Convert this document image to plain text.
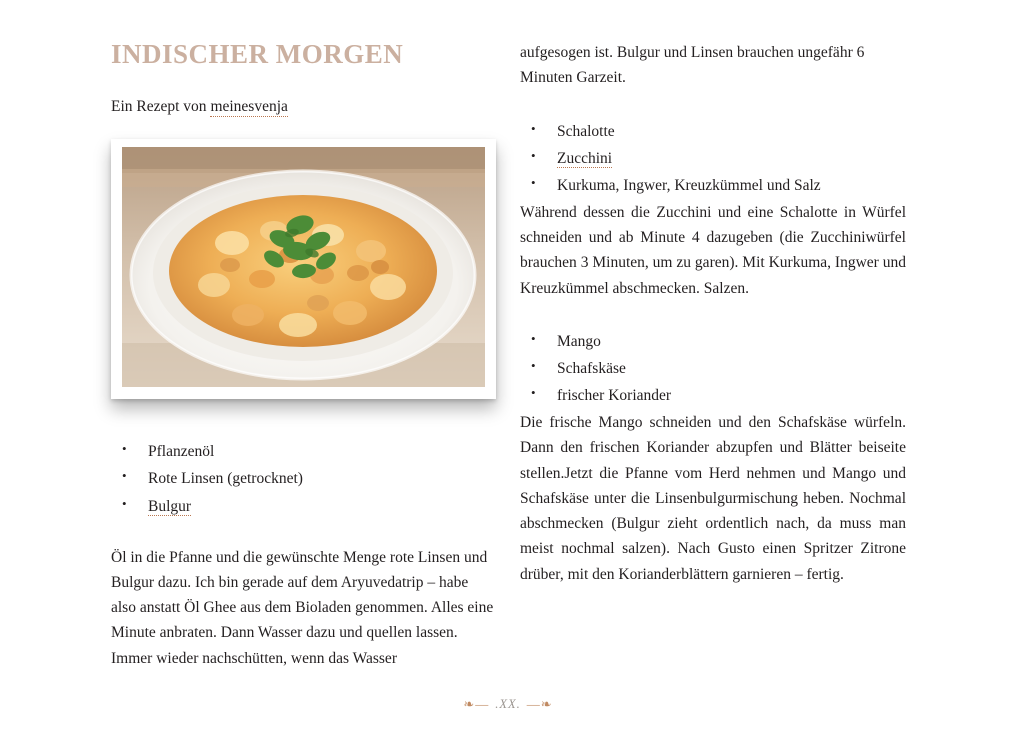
INDISCHER MORGEN
Ein Rezept von meinesvenja
• Pflanzenöl
• Rote Linsen (getrocknet)
• Bulgur

Öl in die Pfanne und die gewünschte Menge rote Linsen und Bulgur dazu. Ich bin gerade auf dem Aryuvedatrip – habe also anstatt Öl Ghee aus dem Bioladen genommen. Alles eine Minute anbraten. Dann Wasser dazu und quellen lassen. Immer wieder nachschütten, wenn das Wasser

aufgesogen ist. Bulgur und Linsen brauchen ungefähr 6 Minuten Garzeit.

• Schalotte
• Zucchini
• Kurkuma, Ingwer, Kreuzkümmel und Salz

Während dessen die Zucchini und eine Schalotte in Würfel schneiden und ab Minute 4 dazugeben (die Zucchiniwürfel brauchen 3 Minuten, um zu garen). Mit Kurkuma, Ingwer und Kreuzkümmel abschmecken. Salzen.

• Mango
• Schafskäse
• frischer Koriander

Die frische Mango schneiden und den Schafskäse würfeln. Dann den frischen Koriander abzupfen und Blätter beiseite stellen.Jetzt die Pfanne vom Herd nehmen und Mango und Schafskäse unter die Linsenbulgurmischung heben. Nochmal abschmecken (Bulgur zieht ordentlich nach, da muss man meist nochmal salzen). Nach Gusto einen Spritzer Zitrone drüber, mit den Korianderblättern garnieren – fertig.

❧— .XX. —❧
